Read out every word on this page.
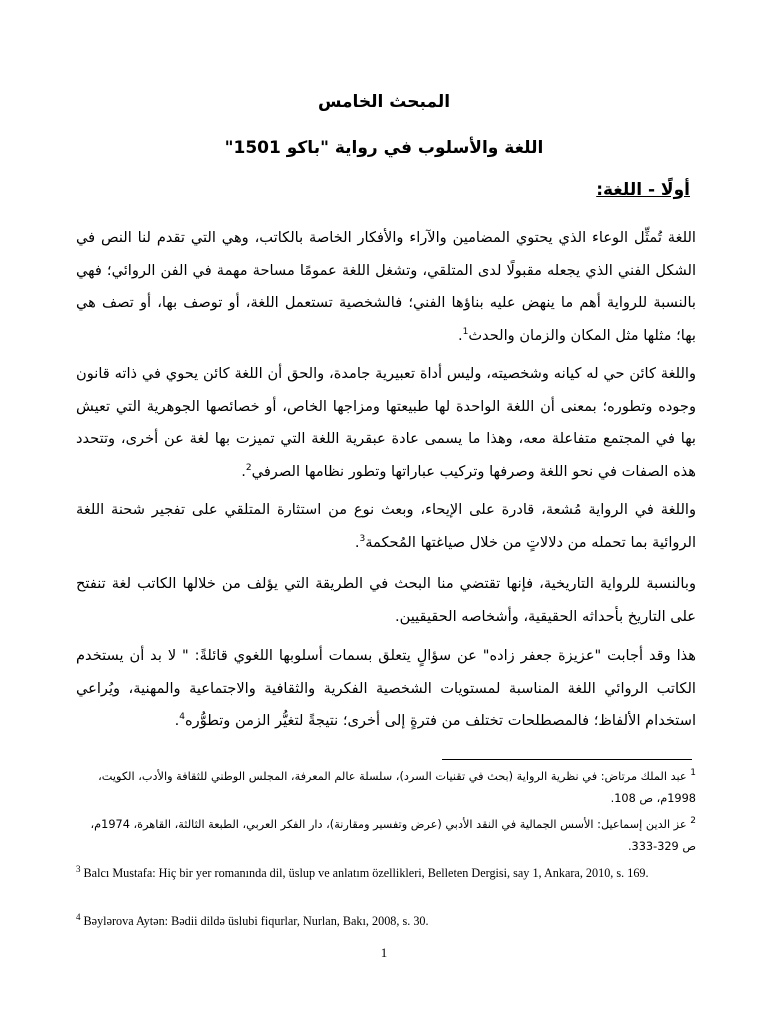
المبحث الخامس
اللغة والأسلوب في رواية "باكو 1501"
أولًا - اللغة:

اللغة تُمثِّل الوعاء الذي يحتوي المضامين والآراء والأفكار الخاصة بالكاتب، وهي التي تقدم لنا النص في الشكل الفني الذي يجعله مقبولًا لدى المتلقي، وتشغل اللغة عمومًا مساحة مهمة في الفن الروائي؛ فهي بالنسبة للرواية أهم ما ينهض عليه بناؤها الفني؛ فالشخصية تستعمل اللغة، أو توصف بها، أو تصف هي بها؛ مثلها مثل المكان والزمان والحدث$^1$.

واللغة كائن حي له كيانه وشخصيته، وليس أداة تعبيرية جامدة، والحق أن اللغة كائن يحوي في ذاته قانون وجوده وتطوره؛ بمعنى أن اللغة الواحدة لها طبيعتها ومزاجها الخاص، أو خصائصها الجوهرية التي تعيش بها في المجتمع متفاعلة معه، وهذا ما يسمى عادة عبقرية اللغة التي تميزت بها لغة عن أخرى، وتتحدد هذه الصفات في نحو اللغة وصرفها وتركيب عباراتها وتطور نظامها الصرفي$^2$.

واللغة في الرواية مُشعة، قادرة على الإيحاء، وبعث نوع من استثارة المتلقي على تفجير شحنة اللغة الروائية بما تحمله من دلالاتٍ من خلال صياغتها المُحكمة$^3$.

وبالنسبة للرواية التاريخية، فإنها تقتضي منا البحث في الطريقة التي يؤلف من خلالها الكاتب لغة تنفتح على التاريخ بأحداثه الحقيقية، وأشخاصه الحقيقيين.

هذا وقد أجابت "عزيزة جعفر زاده" عن سؤالٍ يتعلق بسمات أسلوبها اللغوي قائلةً: " لا بد أن يستخدم الكاتب الروائي اللغة المناسبة لمستويات الشخصية الفكرية والثقافية والاجتماعية والمهنية، ويُراعي استخدام الألفاظ؛ فالمصطلحات تختلف من فترةٍ إلى أخرى؛ نتيجةً لتغيُّر الزمن وتطوُّره$^4$.

$^1$ عبد الملك مرتاض: في نظرية الرواية (بحث في تقنيات السرد)، سلسلة عالم المعرفة، المجلس الوطني للثقافة والأدب، الكويت، 1998م، ص 108.

$^2$ عز الدين إسماعيل: الأسس الجمالية في النقد الأدبي (عرض وتفسير ومقارنة)، دار الفكر العربي، الطبعة الثالثة، القاهرة، 1974م، ص 329-333.

$^3$ Balcı Mustafa: Hiç bir yer romanında dil, üslup ve anlatım özellikleri, Belleten Dergisi, say 1, Ankara, 2010, s. 169.

$^4$ Bəylərova Aytən: Bədii dildə üslubi fiqurlar, Nurlan, Bakı, 2008, s. 30.

1
